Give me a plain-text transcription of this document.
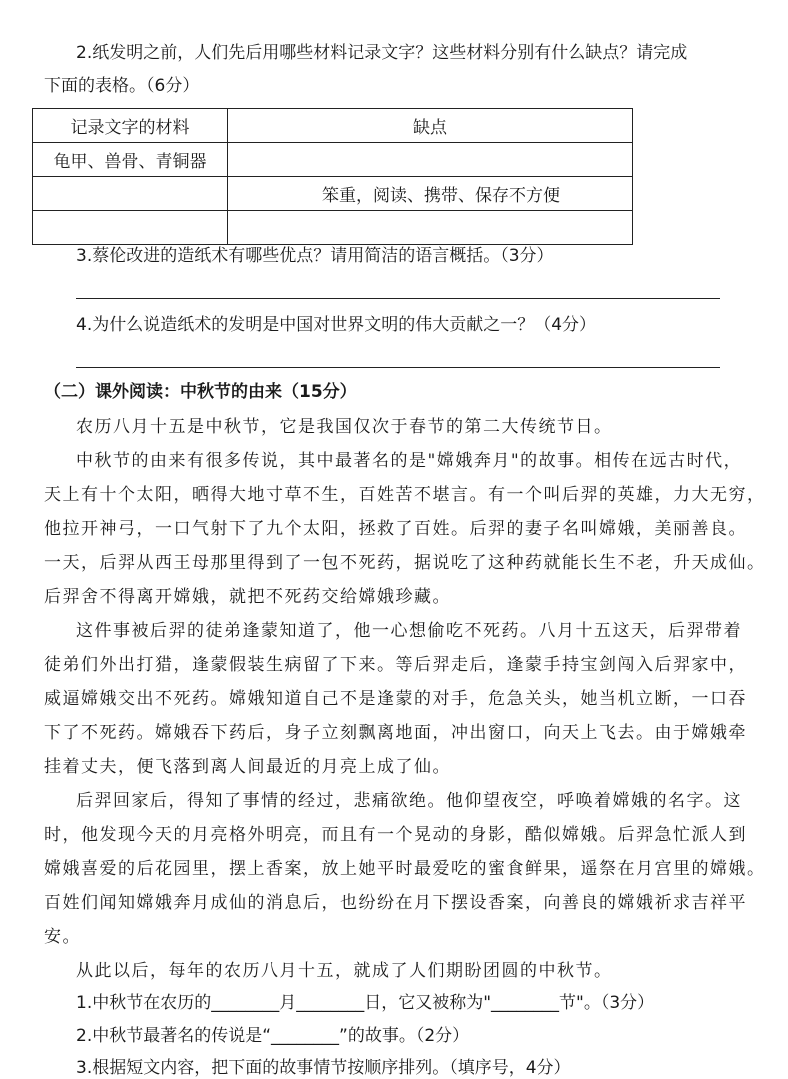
2.纸发明之前，人们先后用哪些材料记录文字？这些材料分别有什么缺点？请完成
下面的表格。（6分）
记录文字的材料	缺点
龟甲、兽骨、青铜器	
	笨重，阅读、携带、保存不方便

3.蔡伦改进的造纸术有哪些优点？请用简洁的语言概括。（3分）
4.为什么说造纸术的发明是中国对世界文明的伟大贡献之一？（4分）
（二）课外阅读：中秋节的由来（15分）
农历八月十五是中秋节，它是我国仅次于春节的第二大传统节日。
中秋节的由来有很多传说，其中最著名的是"嫦娥奔月"的故事。相传在远古时代，
天上有十个太阳，晒得大地寸草不生，百姓苦不堪言。有一个叫后羿的英雄，力大无穷，
他拉开神弓，一口气射下了九个太阳，拯救了百姓。后羿的妻子名叫嫦娥，美丽善良。
一天，后羿从西王母那里得到了一包不死药，据说吃了这种药就能长生不老，升天成仙。
后羿舍不得离开嫦娥，就把不死药交给嫦娥珍藏。
这件事被后羿的徒弟逢蒙知道了，他一心想偷吃不死药。八月十五这天，后羿带着
徒弟们外出打猎，逢蒙假装生病留了下来。等后羿走后，逢蒙手持宝剑闯入后羿家中，
威逼嫦娥交出不死药。嫦娥知道自己不是逢蒙的对手，危急关头，她当机立断，一口吞
下了不死药。嫦娥吞下药后，身子立刻飘离地面，冲出窗口，向天上飞去。由于嫦娥牵
挂着丈夫，便飞落到离人间最近的月亮上成了仙。
后羿回家后，得知了事情的经过，悲痛欲绝。他仰望夜空，呼唤着嫦娥的名字。这
时，他发现今天的月亮格外明亮，而且有一个晃动的身影，酷似嫦娥。后羿急忙派人到
嫦娥喜爱的后花园里，摆上香案，放上她平时最爱吃的蜜食鲜果，遥祭在月宫里的嫦娥。
百姓们闻知嫦娥奔月成仙的消息后，也纷纷在月下摆设香案，向善良的嫦娥祈求吉祥平
安。
从此以后，每年的农历八月十五，就成了人们期盼团圆的中秋节。
1.中秋节在农历的________月________日，它又被称为"________节"。（3分）
2.中秋节最著名的传说是“________”的故事。（2分）
3.根据短文内容，把下面的故事情节按顺序排列。（填序号，4分）
